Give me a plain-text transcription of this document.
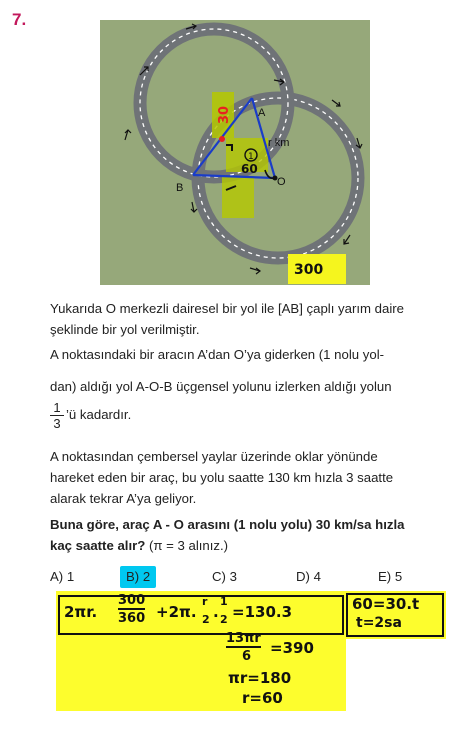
7.
30
1
60
A
B	O
r km
300
Yukarıda O merkezli dairesel bir yol ile [AB] çaplı yarım daire şeklinde bir yol verilmiştir.
A noktasındaki bir aracın A’dan O’ya giderken (1 nolu yol-
dan) aldığı yol A-O-B üçgensel yolunu izlerken aldığı yolun
$\frac{1}{3}$ ’ü kadardır.
A noktasından çembersel yaylar üzerinde oklar yönünde hareket eden bir araç, bu yolu saatte 130 km hızla 3 saatte alarak tekrar A’ya geliyor.
Buna göre, araç A - O arasını (1 nolu yolu) 30 km/sa hızla kaç saatte alır? (π = 3 alınız.)
A) 1	B) 2	C) 3	D) 4	E) 5
2πr.
300
360 +2π.
r
2 .
1
2 =130.3
13πr
6 =390
πr=180
r=60
60=30.t
t=2sa
